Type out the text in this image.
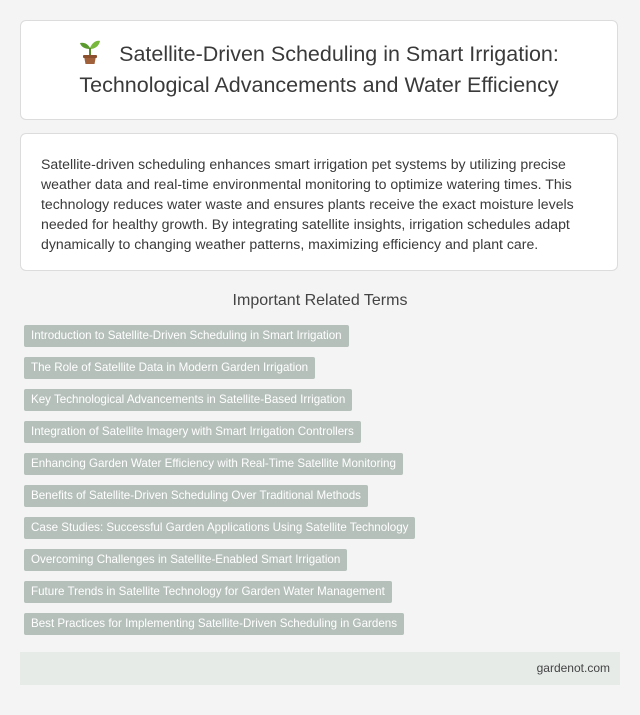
Satellite-Driven Scheduling in Smart Irrigation: Technological Advancements and Water Efficiency

Satellite-driven scheduling enhances smart irrigation pet systems by utilizing precise weather data and real-time environmental monitoring to optimize watering times. This technology reduces water waste and ensures plants receive the exact moisture levels needed for healthy growth. By integrating satellite insights, irrigation schedules adapt dynamically to changing weather patterns, maximizing efficiency and plant care.

Important Related Terms
Introduction to Satellite-Driven Scheduling in Smart Irrigation
The Role of Satellite Data in Modern Garden Irrigation
Key Technological Advancements in Satellite-Based Irrigation
Integration of Satellite Imagery with Smart Irrigation Controllers
Enhancing Garden Water Efficiency with Real-Time Satellite Monitoring
Benefits of Satellite-Driven Scheduling Over Traditional Methods
Case Studies: Successful Garden Applications Using Satellite Technology
Overcoming Challenges in Satellite-Enabled Smart Irrigation
Future Trends in Satellite Technology for Garden Water Management
Best Practices for Implementing Satellite-Driven Scheduling in Gardens
gardenot.com
